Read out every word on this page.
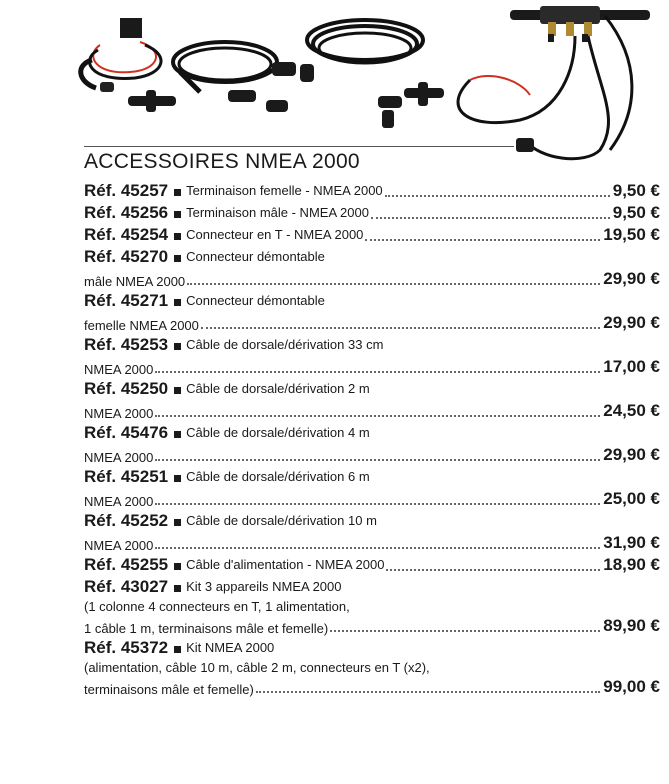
ACCESSOIRES NMEA 2000
Réf. 45257 Terminaison femelle - NMEA 2000	9,50 €
Réf. 45256 Terminaison mâle - NMEA 2000	9,50 €
Réf. 45254 Connecteur en T - NMEA 2000	19,50 €
Réf. 45270 Connecteur démontable
mâle NMEA 2000	29,90 €
Réf. 45271 Connecteur démontable
femelle NMEA 2000	29,90 €
Réf. 45253 Câble de dorsale/dérivation 33 cm
NMEA 2000	17,00 €
Réf. 45250 Câble de dorsale/dérivation 2 m
NMEA 2000	24,50 €
Réf. 45476 Câble de dorsale/dérivation 4 m
NMEA 2000	29,90 €
Réf. 45251 Câble de dorsale/dérivation 6 m
NMEA 2000	25,00 €
Réf. 45252 Câble de dorsale/dérivation 10 m
NMEA 2000	31,90 €
Réf. 45255 Câble d'alimentation - NMEA 2000	18,90 €
Réf. 43027 Kit 3 appareils NMEA 2000
(1 colonne 4 connecteurs en T, 1 alimentation,
1 câble 1 m, terminaisons mâle et femelle)	89,90 €
Réf. 45372 Kit NMEA 2000
(alimentation, câble 10 m, câble 2 m, connecteurs en T (x2),
terminaisons mâle et femelle)	99,00 €
